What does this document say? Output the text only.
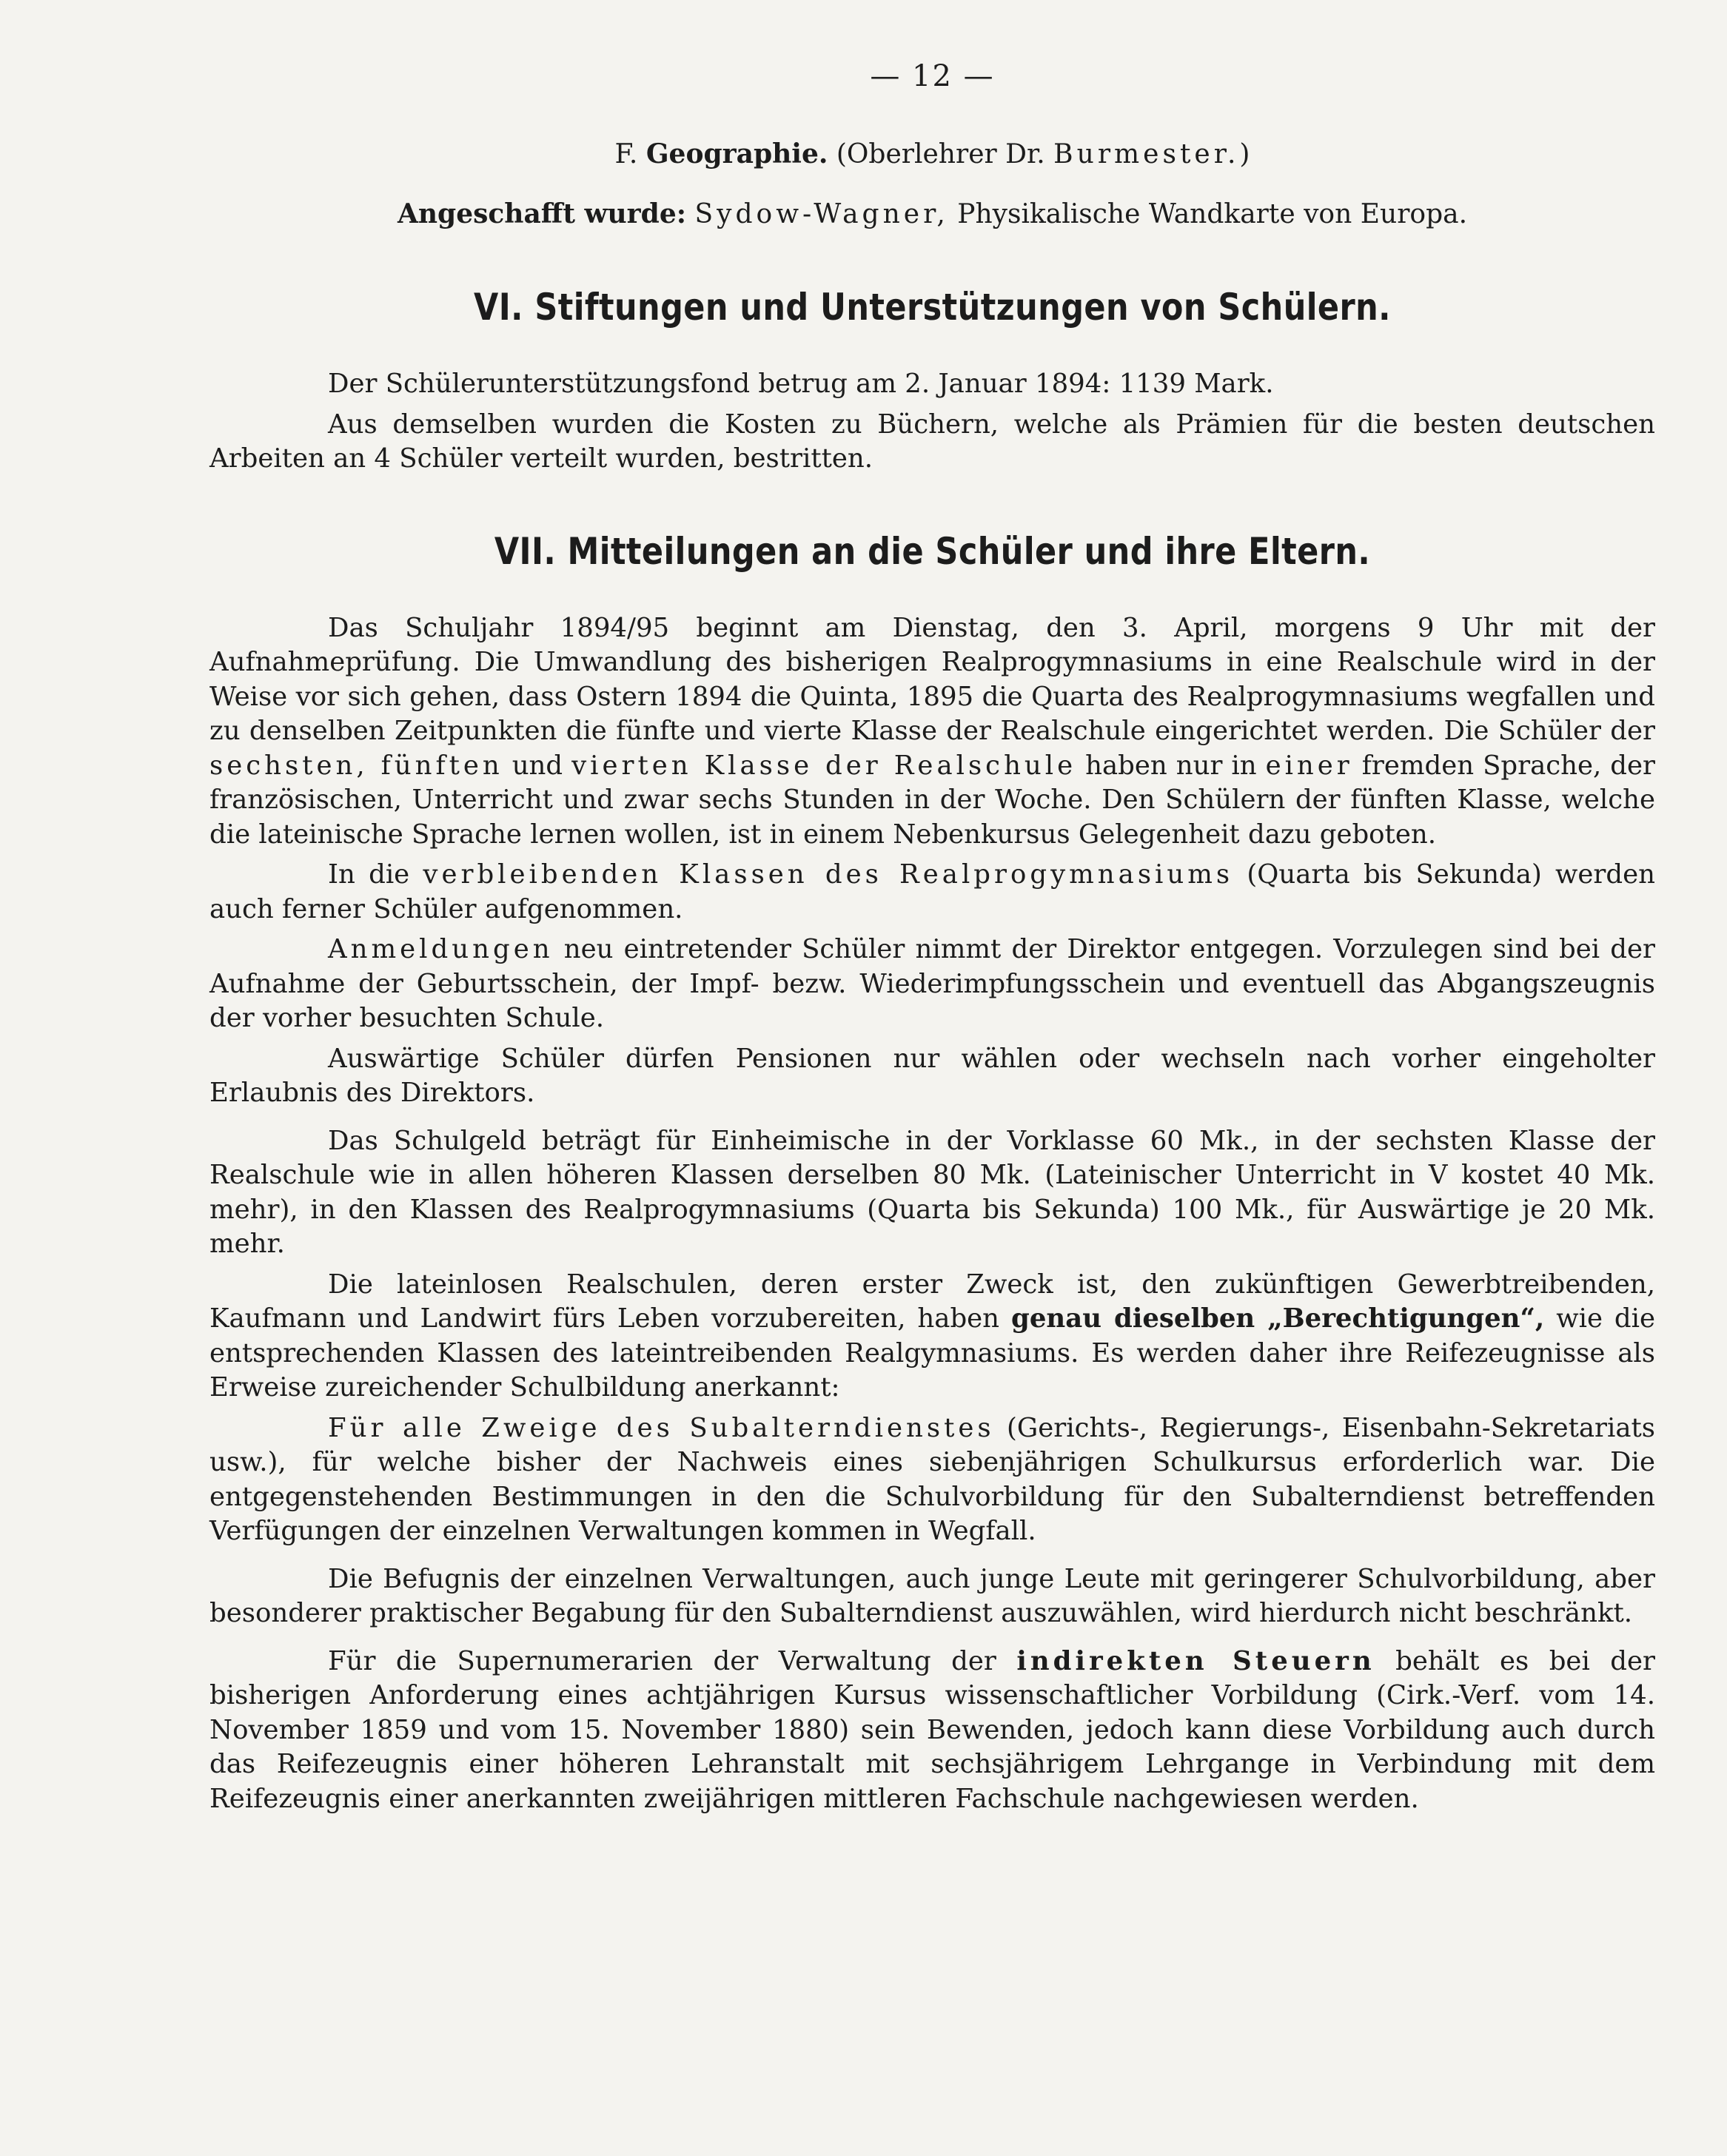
— 12 —
F. Geographie. (Oberlehrer Dr. Burmester.)
Angeschafft wurde: Sydow-Wagner, Physikalische Wandkarte von Europa.
VI. Stiftungen und Unterstützungen von Schülern.

Der Schülerunterstützungsfond betrug am 2. Januar 1894: 1139 Mark.

Aus demselben wurden die Kosten zu Büchern, welche als Prämien für die besten deutschen Arbeiten an 4 Schüler verteilt wurden, bestritten.

VII. Mitteilungen an die Schüler und ihre Eltern.

Das Schuljahr 1894/95 beginnt am Dienstag, den 3. April, morgens 9 Uhr mit der Aufnahmeprüfung. Die Umwandlung des bisherigen Realprogymnasiums in eine Realschule wird in der Weise vor sich gehen, dass Ostern 1894 die Quinta, 1895 die Quarta des Realprogymnasiums wegfallen und zu denselben Zeitpunkten die fünfte und vierte Klasse der Realschule eingerichtet werden. Die Schüler der sechsten, fünften und vierten Klasse der Realschule haben nur in einer fremden Sprache, der französischen, Unterricht und zwar sechs Stunden in der Woche. Den Schülern der fünften Klasse, welche die lateinische Sprache lernen wollen, ist in einem Nebenkursus Gelegenheit dazu geboten.

In die verbleibenden Klassen des Realprogymnasiums (Quarta bis Sekunda) werden auch ferner Schüler aufgenommen.

Anmeldungen neu eintretender Schüler nimmt der Direktor entgegen. Vorzulegen sind bei der Aufnahme der Geburtsschein, der Impf- bezw. Wiederimpfungsschein und eventuell das Abgangszeugnis der vorher besuchten Schule.

Auswärtige Schüler dürfen Pensionen nur wählen oder wechseln nach vorher eingeholter Erlaubnis des Direktors.

Das Schulgeld beträgt für Einheimische in der Vorklasse 60 Mk., in der sechsten Klasse der Realschule wie in allen höheren Klassen derselben 80 Mk. (Lateinischer Unterricht in V kostet 40 Mk. mehr), in den Klassen des Realprogymnasiums (Quarta bis Sekunda) 100 Mk., für Auswärtige je 20 Mk. mehr.

Die lateinlosen Realschulen, deren erster Zweck ist, den zukünftigen Gewerbtreibenden, Kaufmann und Landwirt fürs Leben vorzubereiten, haben genau dieselben „Berechtigungen“, wie die entsprechenden Klassen des lateintreibenden Realgymnasiums. Es werden daher ihre Reifezeugnisse als Erweise zureichender Schulbildung anerkannt:

Für alle Zweige des Subalterndienstes (Gerichts-, Regierungs-, Eisenbahn-Sekretariats usw.), für welche bisher der Nachweis eines siebenjährigen Schulkursus erforderlich war. Die entgegenstehenden Bestimmungen in den die Schulvorbildung für den Subalterndienst betreffenden Verfügungen der einzelnen Verwaltungen kommen in Wegfall.

Die Befugnis der einzelnen Verwaltungen, auch junge Leute mit geringerer Schulvorbildung, aber besonderer praktischer Begabung für den Subalterndienst auszuwählen, wird hierdurch nicht beschränkt.

Für die Supernumerarien der Verwaltung der indirekten Steuern behält es bei der bisherigen Anforderung eines achtjährigen Kursus wissenschaftlicher Vorbildung (Cirk.-Verf. vom 14. November 1859 und vom 15. November 1880) sein Bewenden, jedoch kann diese Vorbildung auch durch das Reifezeugnis einer höheren Lehranstalt mit sechsjährigem Lehrgange in Verbindung mit dem Reifezeugnis einer anerkannten zweijährigen mittleren Fachschule nachgewiesen werden.
